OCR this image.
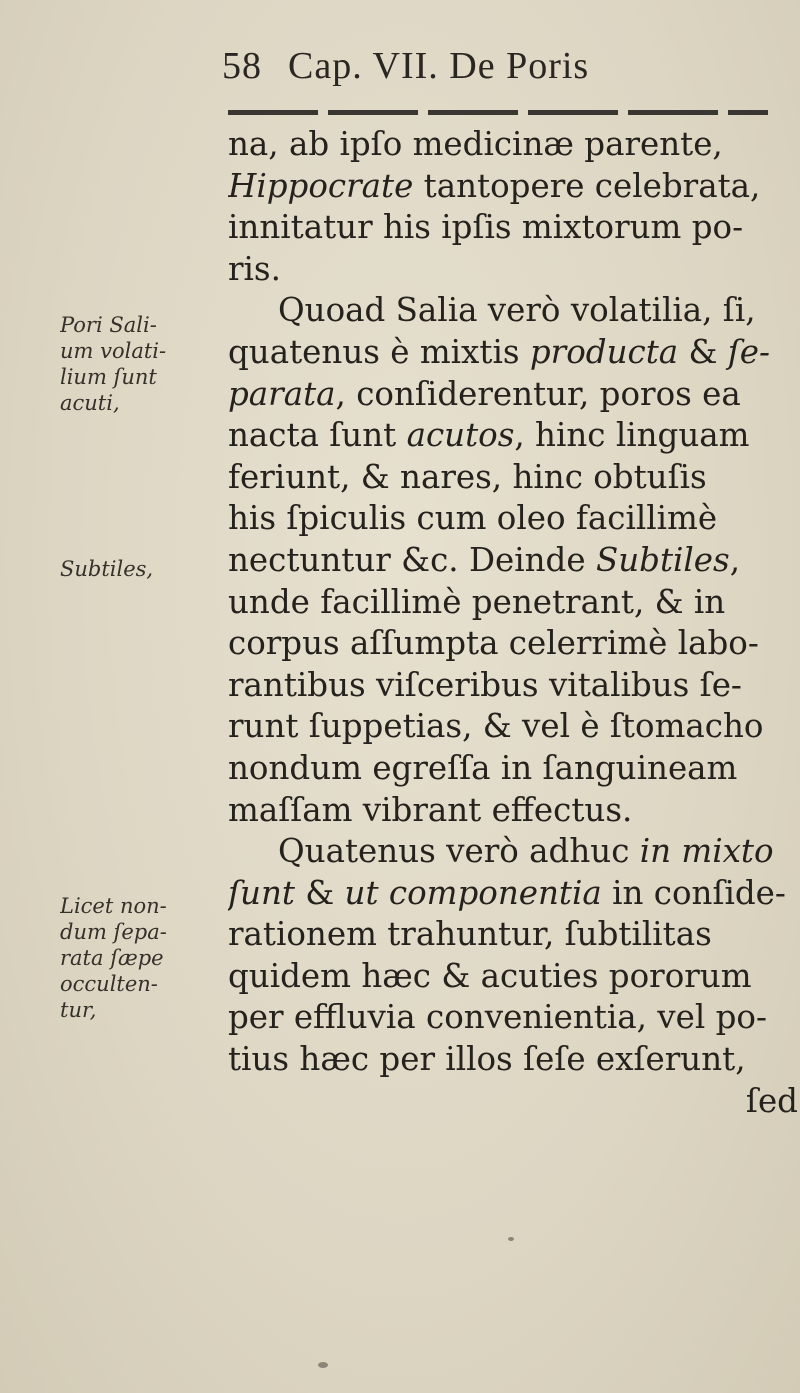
58 Cap. VII. De Poris
na, ab ipſo medicinæ parente,
Hippocrate tantopere celebrata,
innitatur his ipſis mixtorum po-
ris.
Quoad Salia verò volatilia, ſi,
quatenus è mixtis producta & ſe-
parata, conſiderentur, poros ea
nacta ſunt acutos, hinc linguam
feriunt, & nares, hinc obtuſis
his ſpiculis cum oleo facillimè
nectuntur &c. Deinde Subtiles,
unde facillimè penetrant, & in
corpus aſſumpta celerrimè labo-
rantibus viſceribus vitalibus ſe-
runt ſuppetias, & vel è ſtomacho
nondum egreſſa in ſanguineam
maſſam vibrant effectus.
Quatenus verò adhuc in mixto
ſunt & ut componentia in conſide-
rationem trahuntur, ſubtilitas
quidem hæc & acuties pororum
per effluvia convenientia, vel po-
tius hæc per illos ſeſe exſerunt,
ſed
Pori Sali-
um volati-
lium ſunt
acuti,
Subtiles,
Licet non-
dum ſepa-
rata ſæpe
occulten-
tur,
